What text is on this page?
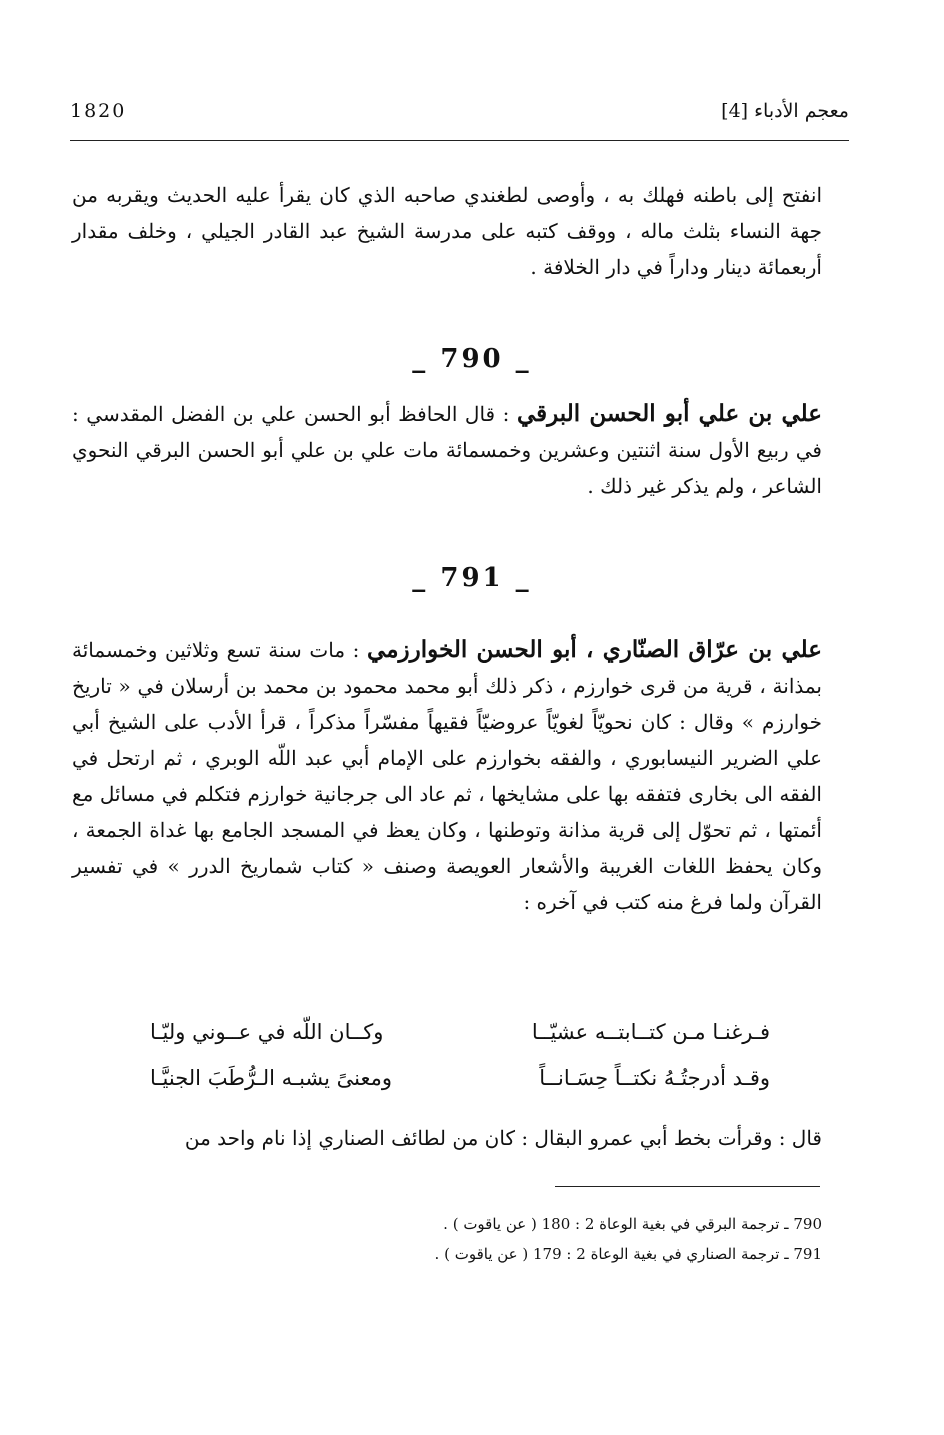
1820	معجم الأدباء [4]
انفتح إلى باطنه فهلك به ، وأوصى لطغندي صاحبه الذي كان يقرأ عليه الحديث ويقربه من جهة النساء بثلث ماله ، ووقف كتبه على مدرسة الشيخ عبد القادر الجيلي ، وخلف مقدار أربعمائة دينار وداراً في دار الخلافة .
_ 790 _
علي بن علي أبو الحسن البرقي : قال الحافظ أبو الحسن علي بن الفضل المقدسي : في ربيع الأول سنة اثنتين وعشرين وخمسمائة مات علي بن علي أبو الحسن البرقي النحوي الشاعر ، ولم يذكر غير ذلك .
_ 791 _
علي بن عرّاق الصنّاري ، أبو الحسن الخوارزمي : مات سنة تسع وثلاثين وخمسمائة بمذانة ، قرية من قرى خوارزم ، ذكر ذلك أبو محمد محمود بن محمد بن أرسلان في « تاريخ خوارزم » وقال : كان نحويّاً لغويّاً عروضيّاً فقيهاً مفسّراً مذكراً ، قرأ الأدب على الشيخ أبي علي الضرير النيسابوري ، والفقه بخوارزم على الإمام أبي عبد اللّه الوبري ، ثم ارتحل في الفقه الى بخارى فتفقه بها على مشايخها ، ثم عاد الى جرجانية خوارزم فتكلم في مسائل مع أئمتها ، ثم تحوّل إلى قرية مذانة وتوطنها ، وكان يعظ في المسجد الجامع بها غداة الجمعة ، وكان يحفظ اللغات الغريبة والأشعار العويصة وصنف « كتاب شماريخ الدرر » في تفسير القرآن ولما فرغ منه كتب في آخره :
فـرغنـا مـن كتــابتــه عشيّــا
وكــان اللّه في عــوني وليّـا
وقـد أدرجتُـهُ نكتــاً حِسَـانــاً
ومعنىً يشبـه الـرُّطَبَ الجنيَّـا
قال : وقرأت بخط أبي عمرو البقال : كان من لطائف الصناري إذا نام واحد من
790 ـ ترجمة البرقي في بغية الوعاة 2 : 180 ( عن ياقوت ) .
791 ـ ترجمة الصناري في بغية الوعاة 2 : 179 ( عن ياقوت ) .
